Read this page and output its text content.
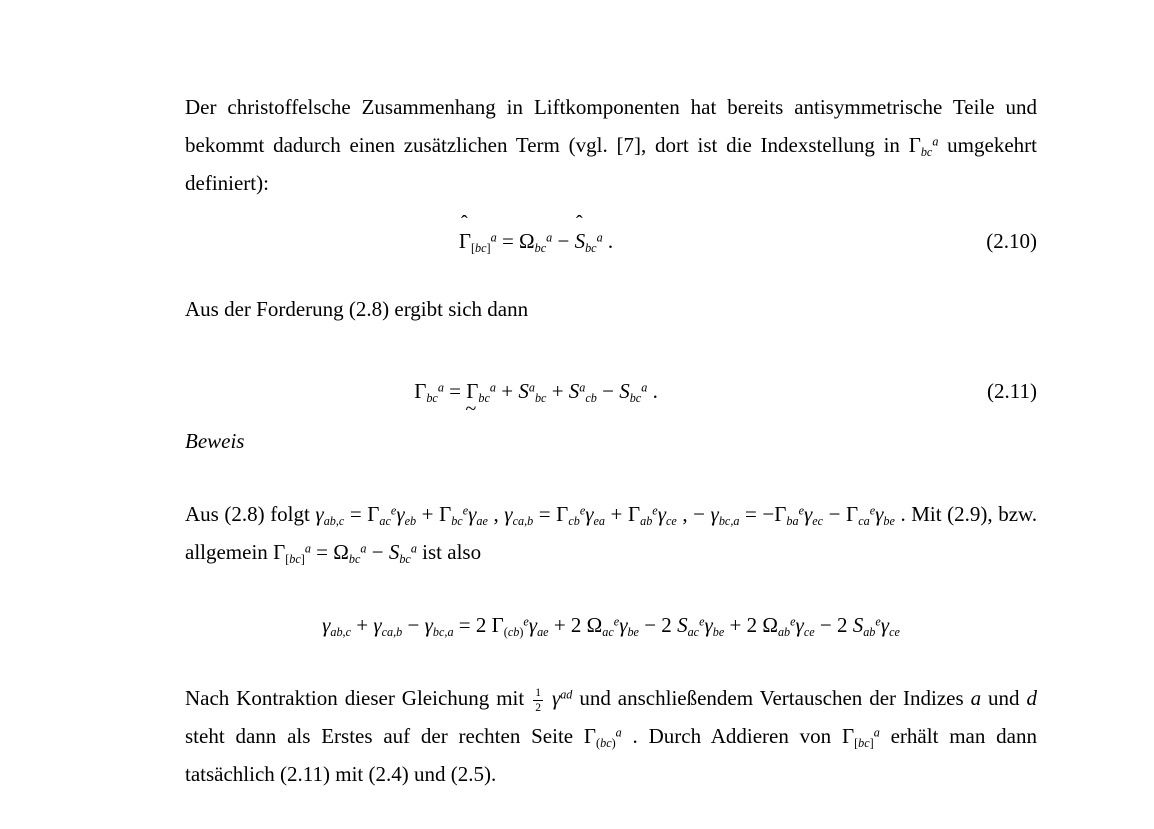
Der christoffelsche Zusammenhang in Liftkomponenten hat bereits antisymmetrische Teile und bekommt dadurch einen zusätzlichen Term (vgl. [7], dort ist die Indexstellung in $\Gamma_{bc}^a$ umgekehrt definiert):

Γ
ˆ
$_{[bc]}^a = \Omega_{bc}^a - S$
ˆ
$_{bc}^a$ .	(2.10)

Aus der Forderung (2.8) ergibt sich dann

$\Gamma_{bc}^a = \Gamma$
~
$_{bc}^a + S^a_{bc} + S^a_{cb} - S_{bc}^a$ .	(2.11)

Beweis

Aus (2.8) folgt $\gamma_{ab,c} = \Gamma_{ac}^e\gamma_{eb} + \Gamma_{bc}^e\gamma_{ae}$ , $\gamma_{ca,b} = \Gamma_{cb}^e\gamma_{ea} + \Gamma_{ab}^e\gamma_{ce}$ , − $\gamma_{bc,a} = -\Gamma_{ba}^e\gamma_{ec} - \Gamma_{ca}^e\gamma_{be}$ . Mit (2.9), bzw. allgemein $\Gamma_{[bc]}^a = \Omega_{bc}^a - S_{bc}^a$ ist also

$\gamma_{ab,c} + \gamma_{ca,b} - \gamma_{bc,a} = 2$ $\Gamma_{(cb)}^e\gamma_{ae} + 2$ $\Omega_{ac}^e\gamma_{be} - 2$ $S_{ac}^e\gamma_{be} + 2$ $\Omega_{ab}^e\gamma_{ce} - 2$ $S_{ab}^e\gamma_{ce}$

Nach Kontraktion dieser Gleichung mit $\frac{1}{2} \gamma^{ad}$ und anschließendem Vertauschen der Indizes a und d steht dann als Erstes auf der rechten Seite $\Gamma_{(bc)}^a$ . Durch Addieren von $\Gamma_{[bc]}^a$ erhält man dann tatsächlich (2.11) mit (2.4) und (2.5).
